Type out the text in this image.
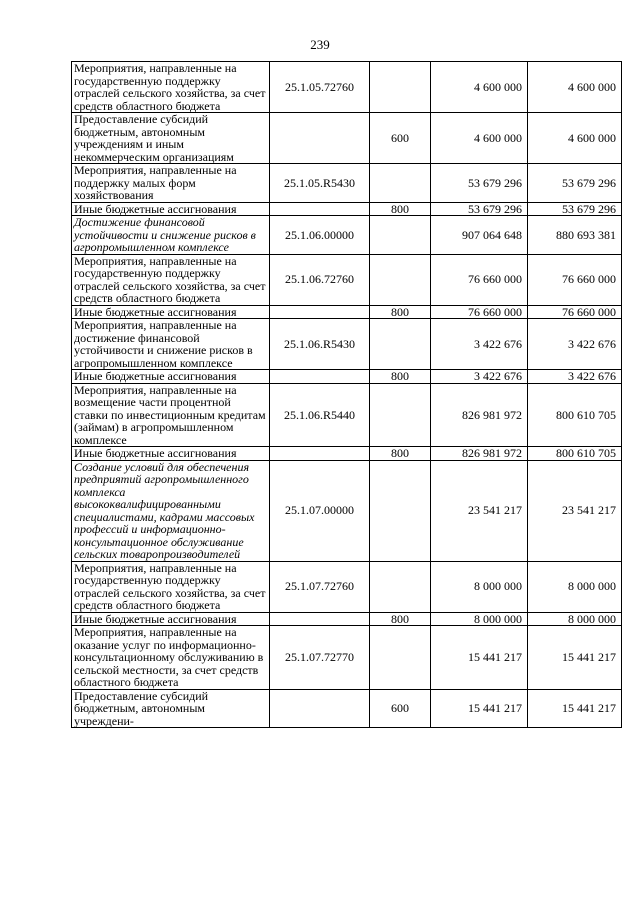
239
Мероприятия, направленные на государственную поддержку отраслей сельского хозяйства, за счет средств областного бюджета	25.1.05.72760		4 600 000	4 600 000
Предоставление субсидий бюджетным, автономным учреждениям и иным некоммерческим организациям		600	4 600 000	4 600 000
Мероприятия, направленные на поддержку малых форм хозяйствования	25.1.05.R5430		53 679 296	53 679 296
Иные бюджетные ассигнования		800	53 679 296	53 679 296
Достижение финансовой устойчивости и снижение рисков в агропромышленном комплексе	25.1.06.00000		907 064 648	880 693 381
Мероприятия, направленные на государственную поддержку отраслей сельского хозяйства, за счет средств областного бюджета	25.1.06.72760		76 660 000	76 660 000
Иные бюджетные ассигнования		800	76 660 000	76 660 000
Мероприятия, направленные на достижение финансовой устойчивости и снижение рисков в агропромышленном комплексе	25.1.06.R5430		3 422 676	3 422 676
Иные бюджетные ассигнования		800	3 422 676	3 422 676
Мероприятия, направленные на возмещение части процентной ставки по инвестиционным кредитам (займам) в агропромышленном комплексе	25.1.06.R5440		826 981 972	800 610 705
Иные бюджетные ассигнования		800	826 981 972	800 610 705
Создание условий для обеспечения предприятий агропромышленного комплекса высококвалифицированными специалистами, кадрами массовых профессий и информационно-консультационное обслуживание сельских товаропроизводителей	25.1.07.00000		23 541 217	23 541 217
Мероприятия, направленные на государственную поддержку отраслей сельского хозяйства, за счет средств областного бюджета	25.1.07.72760		8 000 000	8 000 000
Иные бюджетные ассигнования		800	8 000 000	8 000 000
Мероприятия, направленные на оказание услуг по информационно-консультационному обслуживанию в сельской местности, за счет средств областного бюджета	25.1.07.72770		15 441 217	15 441 217
Предоставление субсидий бюджетным, автономным учреждени-		600	15 441 217	15 441 217
